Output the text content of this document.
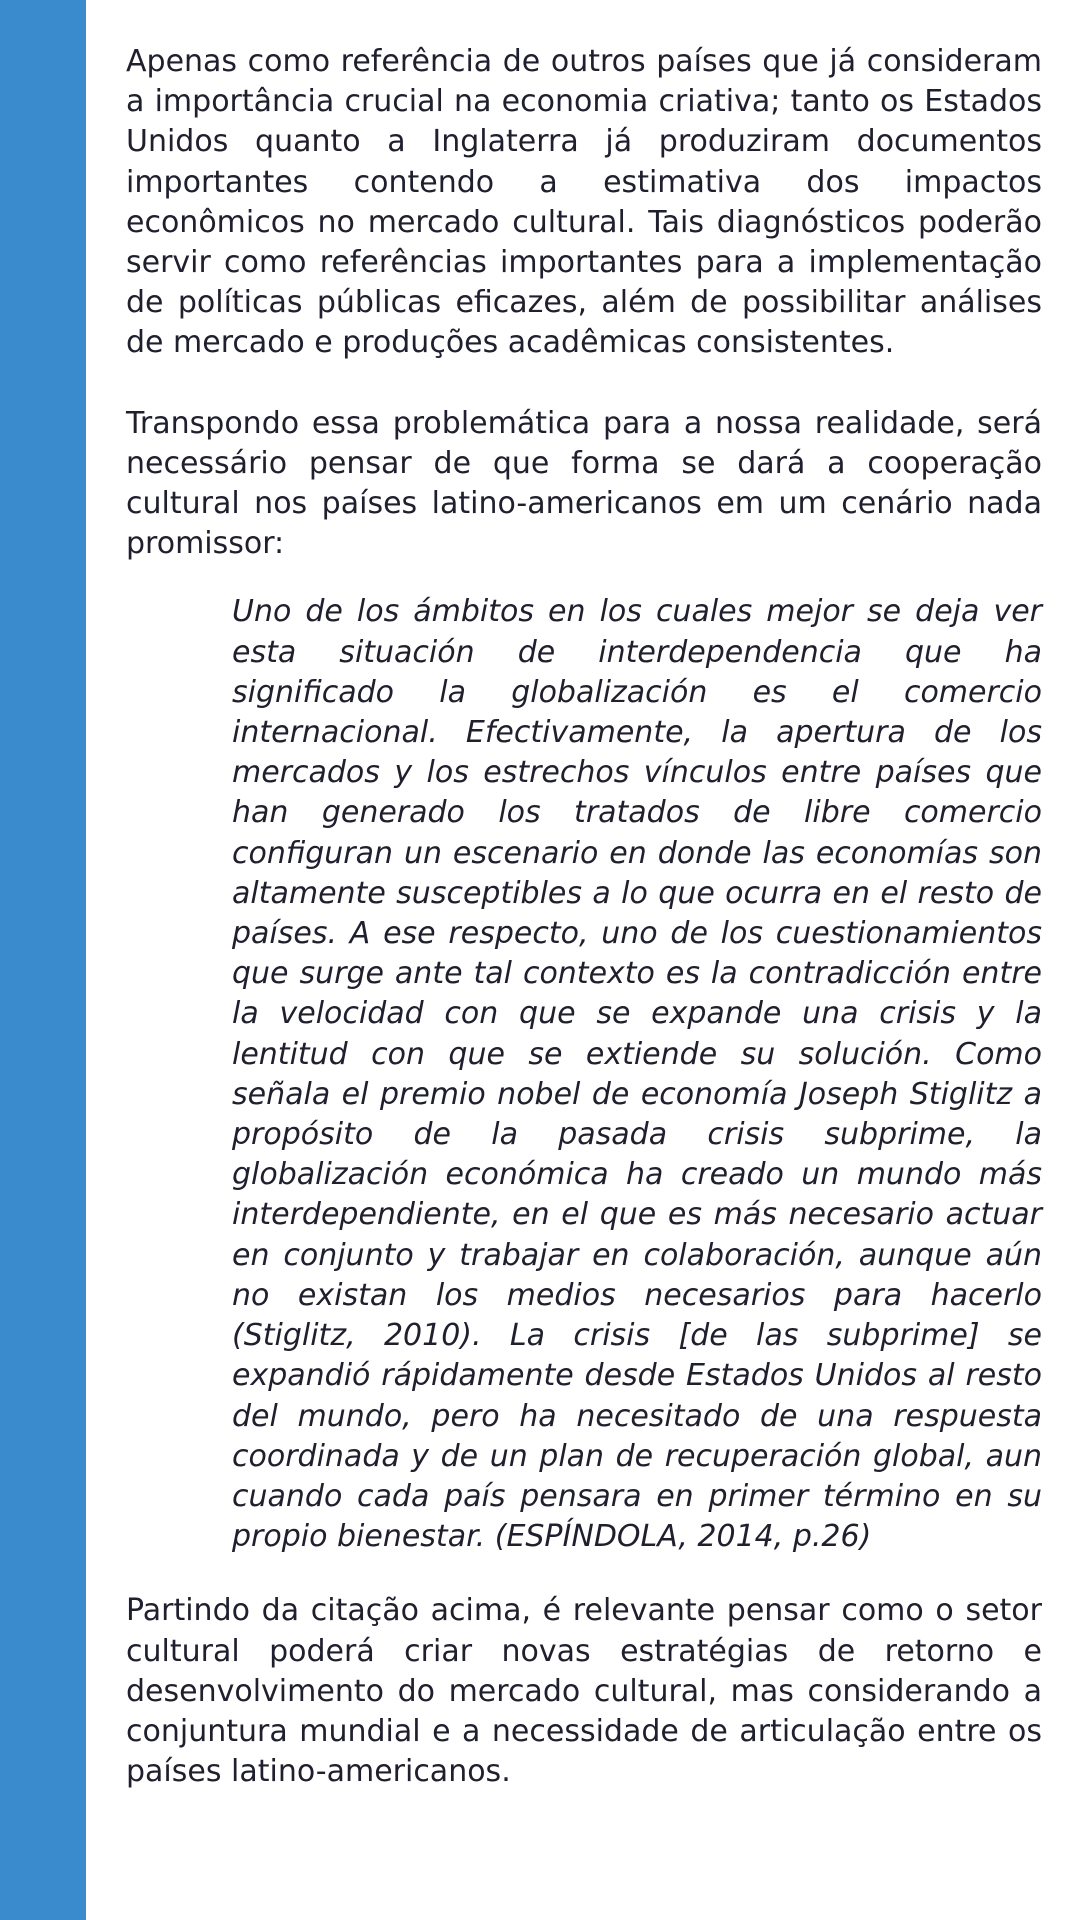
Apenas como referência de outros países que já consideram a importância crucial na economia criativa; tanto os Estados Unidos quanto a Inglaterra já produziram documentos importantes contendo a estimativa dos impactos econômicos no mercado cultural. Tais diagnósticos poderão servir como referências importantes para a implementação de políticas públicas eficazes, além de possibilitar análises de mercado e produções acadêmicas consistentes.

Transpondo essa problemática para a nossa realidade, será necessário pensar de que forma se dará a cooperação cultural nos países latino-americanos em um cenário nada promissor:

Uno de los ámbitos en los cuales mejor se deja ver esta situación de interdependencia que ha significado la globalización es el comercio internacional. Efectivamente, la apertura de los mercados y los estrechos vínculos entre países que han generado los tratados de libre comercio configuran un escenario en donde las economías son altamente susceptibles a lo que ocurra en el resto de países. A ese respecto, uno de los cuestionamientos que surge ante tal contexto es la contradicción entre la velocidad con que se expande una crisis y la lentitud con que se extiende su solución. Como señala el premio nobel de economía Joseph Stiglitz a propósito de la pasada crisis subprime, la globalización económica ha creado un mundo más interdependiente, en el que es más necesario actuar en conjunto y trabajar en colaboración, aunque aún no existan los medios necesarios para hacerlo (Stiglitz, 2010). La crisis [de las subprime] se expandió rápidamente desde Estados Unidos al resto del mundo, pero ha necesitado de una respuesta coordinada y de un plan de recuperación global, aun cuando cada país pensara en primer término en su propio bienestar. (ESPÍNDOLA, 2014, p.26)

Partindo da citação acima, é relevante pensar como o setor cultural poderá criar novas estratégias de retorno e desenvolvimento do mercado cultural, mas considerando a conjuntura mundial e a necessidade de articulação entre os países latino-americanos.
